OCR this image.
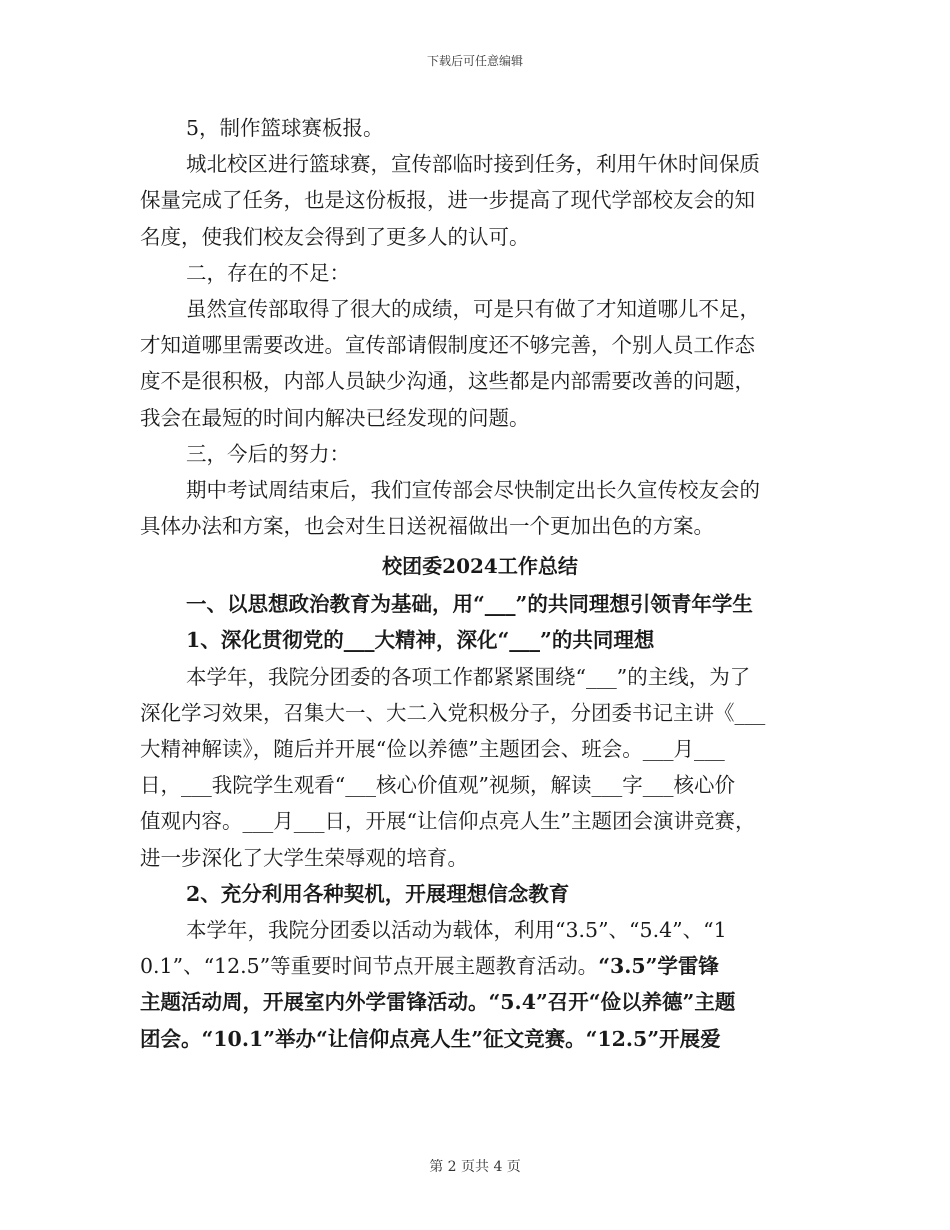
下载后可任意编辑
5，制作篮球赛板报。
城北校区进行篮球赛，宣传部临时接到任务，利用午休时间保质
保量完成了任务，也是这份板报，进一步提高了现代学部校友会的知
名度，使我们校友会得到了更多人的认可。
二，存在的不足：
虽然宣传部取得了很大的成绩，可是只有做了才知道哪儿不足，
才知道哪里需要改进。宣传部请假制度还不够完善，个别人员工作态
度不是很积极，内部人员缺少沟通，这些都是内部需要改善的问题，
我会在最短的时间内解决已经发现的问题。
三，今后的努力：
期中考试周结束后，我们宣传部会尽快制定出长久宣传校友会的
具体办法和方案，也会对生日送祝福做出一个更加出色的方案。
校团委2024工作总结
一、以思想政治教育为基础，用“___”的共同理想引领青年学生
1、深化贯彻党的___大精神，深化“___”的共同理想
本学年，我院分团委的各项工作都紧紧围绕“___”的主线，为了
深化学习效果，召集大一、大二入党积极分子，分团委书记主讲《___
大精神解读》，随后并开展“俭以养德”主题团会、班会。___月___
日，___我院学生观看“___核心价值观”视频，解读___字___核心价
值观内容。___月___日，开展“让信仰点亮人生”主题团会演讲竞赛，
进一步深化了大学生荣辱观的培育。
2、充分利用各种契机，开展理想信念教育
本学年，我院分团委以活动为载体，利用“3.5”、“5.4”、“1
0.1”、“12.5”等重要时间节点开展主题教育活动。“3.5”学雷锋
主题活动周，开展室内外学雷锋活动。“5.4”召开“俭以养德”主题
团会。“10.1”举办“让信仰点亮人生”征文竞赛。“12.5”开展爱
第 2 页共 4 页
